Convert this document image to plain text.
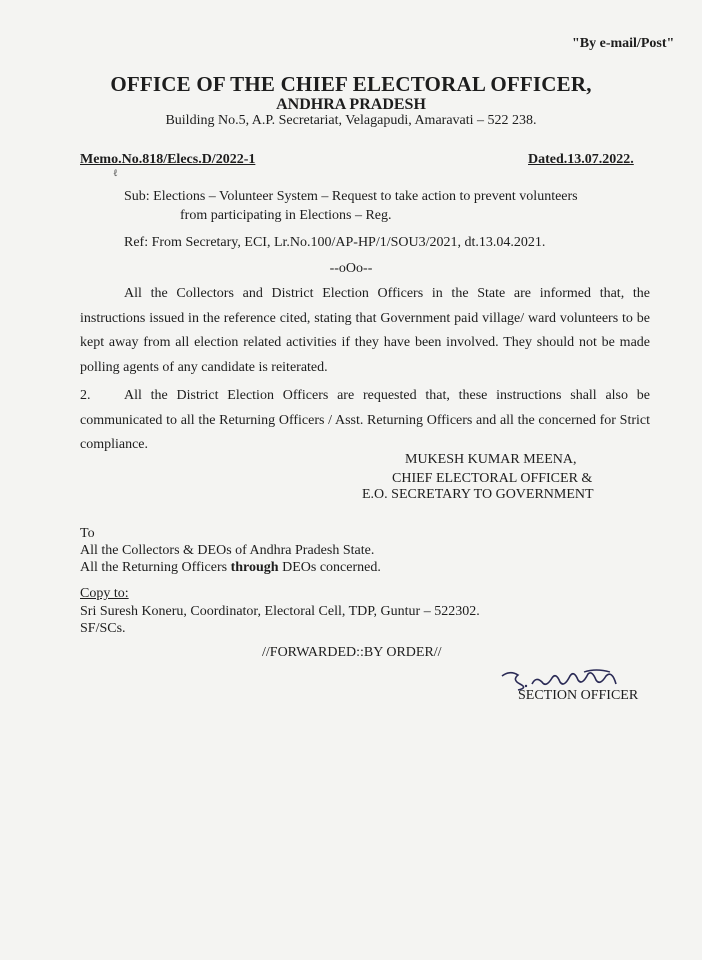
"By e-mail/Post"
OFFICE OF THE CHIEF ELECTORAL OFFICER,
ANDHRA PRADESH
Building No.5, A.P. Secretariat, Velagapudi, Amaravati – 522 238.
Memo.No.818/Elecs.D/2022-1	Dated.13.07.2022.
ℓ
Sub: Elections – Volunteer System – Request to take action to prevent volunteers
from participating in Elections – Reg.
Ref: From Secretary, ECI, Lr.No.100/AP-HP/1/SOU3/2021, dt.13.04.2021.
--oOo--
All the Collectors and District Election Officers in the State are informed that, the instructions issued in the reference cited, stating that Government paid village/ ward volunteers to be kept away from all election related activities if they have been involved. They should not be made polling agents of any candidate is reiterated.
2. All the District Election Officers are requested that, these instructions shall also be communicated to all the Returning Officers / Asst. Returning Officers and all the concerned for Strict compliance.
MUKESH KUMAR MEENA,
CHIEF ELECTORAL OFFICER &
E.O. SECRETARY TO GOVERNMENT
To
All the Collectors & DEOs of Andhra Pradesh State.
All the Returning Officers through DEOs concerned.
Copy to:
Sri Suresh Koneru, Coordinator, Electoral Cell, TDP, Guntur – 522302.
SF/SCs.
//FORWARDED::BY ORDER//
SECTION OFFICER
